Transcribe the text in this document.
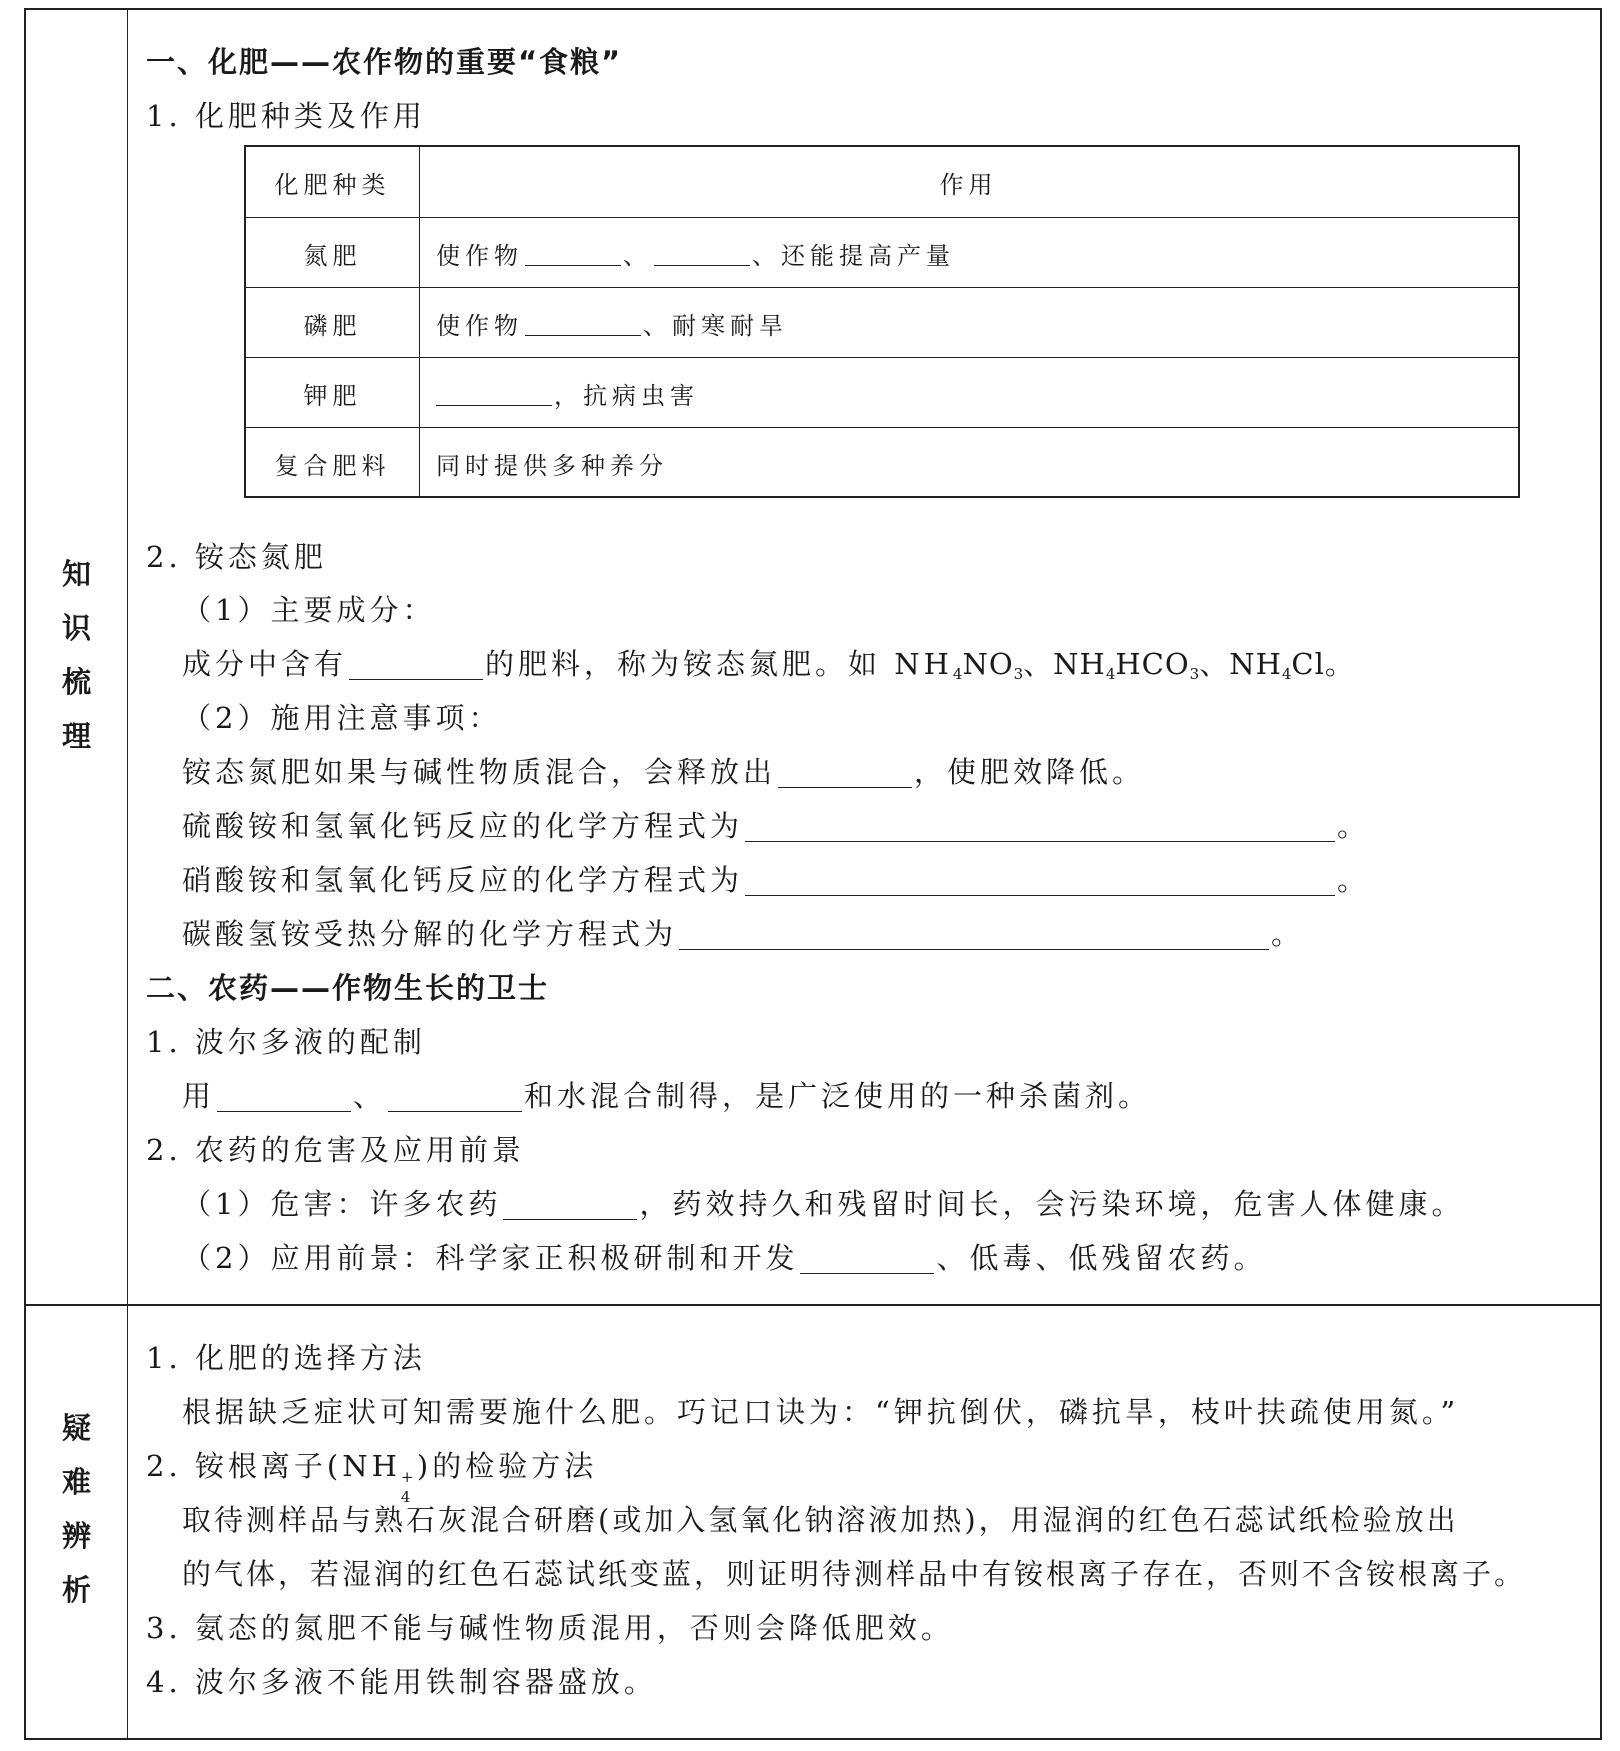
知识梳理
疑难辨析
一、化肥——农作物的重要“食粮”
1. 化肥种类及作用
化肥种类	作用
氮肥	使作物	、	、还能提高产量
磷肥	使作物	、耐寒耐旱
钾肥	，抗病虫害
复合肥料	同时提供多种养分
2. 铵态氮肥
（1）主要成分：
成分中含有	的肥料，称为铵态氮肥。如 $NH_4NO_3$、$NH_4HCO_3$、$NH_4Cl$。
（2）施用注意事项：
铵态氮肥如果与碱性物质混合，会释放出	，使肥效降低。
硫酸铵和氢氧化钙反应的化学方程式为	。
硝酸铵和氢氧化钙反应的化学方程式为	。
碳酸氢铵受热分解的化学方程式为	。
二、农药——作物生长的卫士
1. 波尔多液的配制
用	、	和水混合制得，是广泛使用的一种杀菌剂。
2. 农药的危害及应用前景
（1）危害：许多农药	，药效持久和残留时间长，会污染环境，危害人体健康。
（2）应用前景：科学家正积极研制和开发	、低毒、低残留农药。
1. 化肥的选择方法
根据缺乏症状可知需要施什么肥。巧记口诀为：“钾抗倒伏，磷抗旱，枝叶扶疏使用氮。”
2. 铵根离子(NH +
4
)的检验方法
取待测样品与熟石灰混合研磨(或加入氢氧化钠溶液加热)，用湿润的红色石蕊试纸检验放出
的气体，若湿润的红色石蕊试纸变蓝，则证明待测样品中有铵根离子存在，否则不含铵根离子。
3. 氨态的氮肥不能与碱性物质混用，否则会降低肥效。
4. 波尔多液不能用铁制容器盛放。
